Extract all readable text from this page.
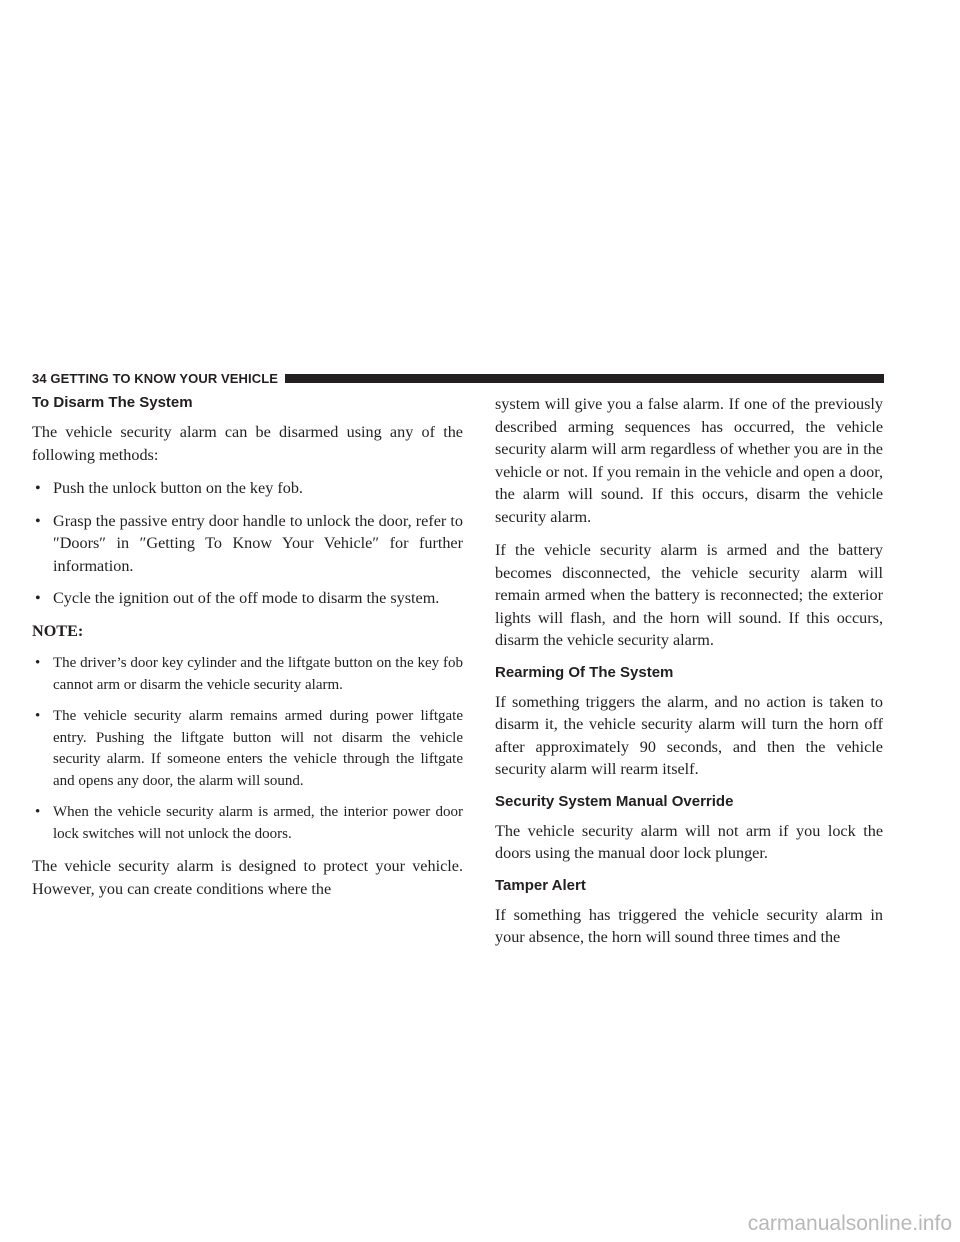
34 GETTING TO KNOW YOUR VEHICLE
To Disarm The System

The vehicle security alarm can be disarmed using any of the following methods:

• Push the unlock button on the key fob.
• Grasp the passive entry door handle to unlock the door, refer to ″Doors″ in ″Getting To Know Your Vehicle″ for further information.
• Cycle the ignition out of the off mode to disarm the system.

NOTE:

• The driver’s door key cylinder and the liftgate button on the key fob cannot arm or disarm the vehicle security alarm.
• The vehicle security alarm remains armed during power liftgate entry. Pushing the liftgate button will not disarm the vehicle security alarm. If someone enters the vehicle through the liftgate and opens any door, the alarm will sound.
• When the vehicle security alarm is armed, the interior power door lock switches will not unlock the doors.

The vehicle security alarm is designed to protect your vehicle. However, you can create conditions where the

system will give you a false alarm. If one of the previously described arming sequences has occurred, the vehicle security alarm will arm regardless of whether you are in the vehicle or not. If you remain in the vehicle and open a door, the alarm will sound. If this occurs, disarm the vehicle security alarm.

If the vehicle security alarm is armed and the battery becomes disconnected, the vehicle security alarm will remain armed when the battery is reconnected; the exterior lights will flash, and the horn will sound. If this occurs, disarm the vehicle security alarm.

Rearming Of The System

If something triggers the alarm, and no action is taken to disarm it, the vehicle security alarm will turn the horn off after approximately 90 seconds, and then the vehicle security alarm will rearm itself.

Security System Manual Override

The vehicle security alarm will not arm if you lock the doors using the manual door lock plunger.

Tamper Alert

If something has triggered the vehicle security alarm in your absence, the horn will sound three times and the

carmanualsonline.info
